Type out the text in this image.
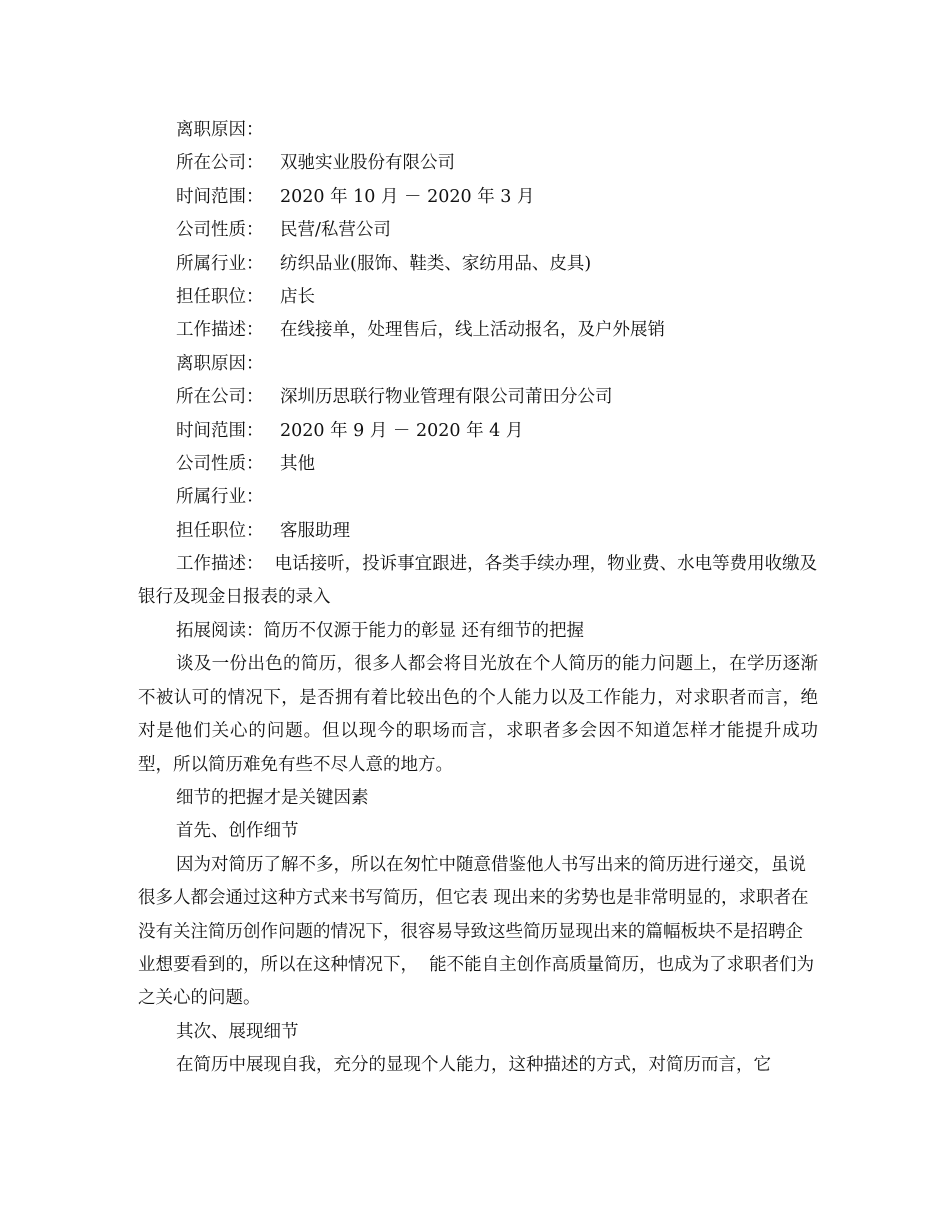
离职原因：
所在公司： 双驰实业股份有限公司
时间范围： 2020 年 10 月 － 2020 年 3 月
公司性质： 民营/私营公司
所属行业： 纺织品业(服饰、鞋类、家纺用品、皮具)
担任职位： 店长
工作描述： 在线接单，处理售后，线上活动报名，及户外展销
离职原因：
所在公司： 深圳历思联行物业管理有限公司莆田分公司
时间范围： 2020 年 9 月 － 2020 年 4 月
公司性质： 其他
所属行业：
担任职位： 客服助理
工作描述：  电话接听，投诉事宜跟进，各类手续办理，物业费、水电等费用收缴及银行及现金日报表的录入
拓展阅读：简历不仅源于能力的彰显 还有细节的把握
谈及一份出色的简历，很多人都会将目光放在个人简历的能力问题上，在学历逐渐不被认可的情况下，是否拥有着比较出色的个人能力以及工作能力，对求职者而言，绝对是他们关心的问题。但以现今的职场而言，求职者多会因不知道怎样才能提升成功型，所以简历难免有些不尽人意的地方。
细节的把握才是关键因素
首先、创作细节
因为对简历了解不多，所以在匆忙中随意借鉴他人书写出来的简历进行递交，虽说很多人都会通过这种方式来书写简历，但它表 现出来的劣势也是非常明显的，求职者在没有关注简历创作问题的情况下，很容易导致这些简历显现出来的篇幅板块不是招聘企业想要看到的，所以在这种情况下，  能不能自主创作高质量简历，也成为了求职者们为之关心的问题。
其次、展现细节
在简历中展现自我，充分的显现个人能力，这种描述的方式，对简历而言，它
